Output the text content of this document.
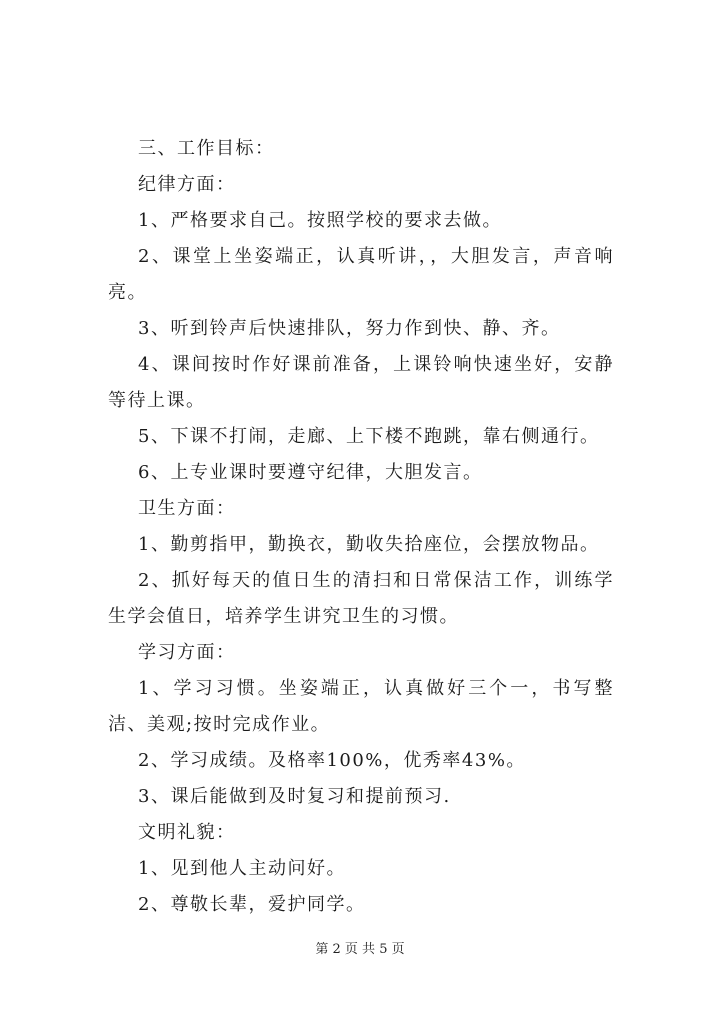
三、工作目标：

纪律方面：

1、严格要求自己。按照学校的要求去做。

2、课堂上坐姿端正，认真听讲，，大胆发言，声音响亮。

3、听到铃声后快速排队，努力作到快、静、齐。

4、课间按时作好课前准备，上课铃响快速坐好，安静等待上课。

5、下课不打闹，走廊、上下楼不跑跳，靠右侧通行。

6、上专业课时要遵守纪律，大胆发言。

卫生方面：

1、勤剪指甲，勤换衣，勤收失拾座位，会摆放物品。

2、抓好每天的值日生的清扫和日常保洁工作，训练学生学会值日，培养学生讲究卫生的习惯。

学习方面：

1、学习习惯。坐姿端正，认真做好三个一，书写整洁、美观;按时完成作业。

2、学习成绩。及格率100%，优秀率43%。

3、课后能做到及时复习和提前预习.

文明礼貌：

1、见到他人主动问好。

2、尊敬长辈，爱护同学。

第 2 页 共 5 页
